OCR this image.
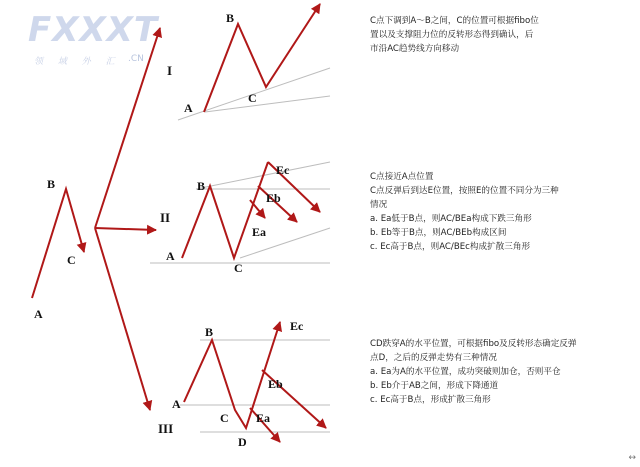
FXXXT
领 域 外 汇 .CN
A
B
C
I
II
III
A
B
C
A
B
C
Ea
Eb
Ec
A
B
C
D
Ea
Eb
Ec
C点下调到A～B之间，C的位置可根据fibo位
置以及支撑阻力位的反转形态得到确认，后
市沿AC趋势线方向移动
C点接近A点位置
C点反弹后到达E位置，按照E的位置不同分为三种
情况
a. Ea低于B点，则AC/BEa构成下跌三角形
b. Eb等于B点，则AC/BEb构成区间
c. Ec高于B点，则AC/BEc构成扩散三角形
CD跌穿A的水平位置，可根据fibo及反转形态确定反弹
点D，之后的反弹走势有三种情况
a. Ea为A的水平位置，成功突破则加仓，否则平仓
b. Eb介于AB之间，形成下降通道
c. Ec高于B点，形成扩散三角形
↔
